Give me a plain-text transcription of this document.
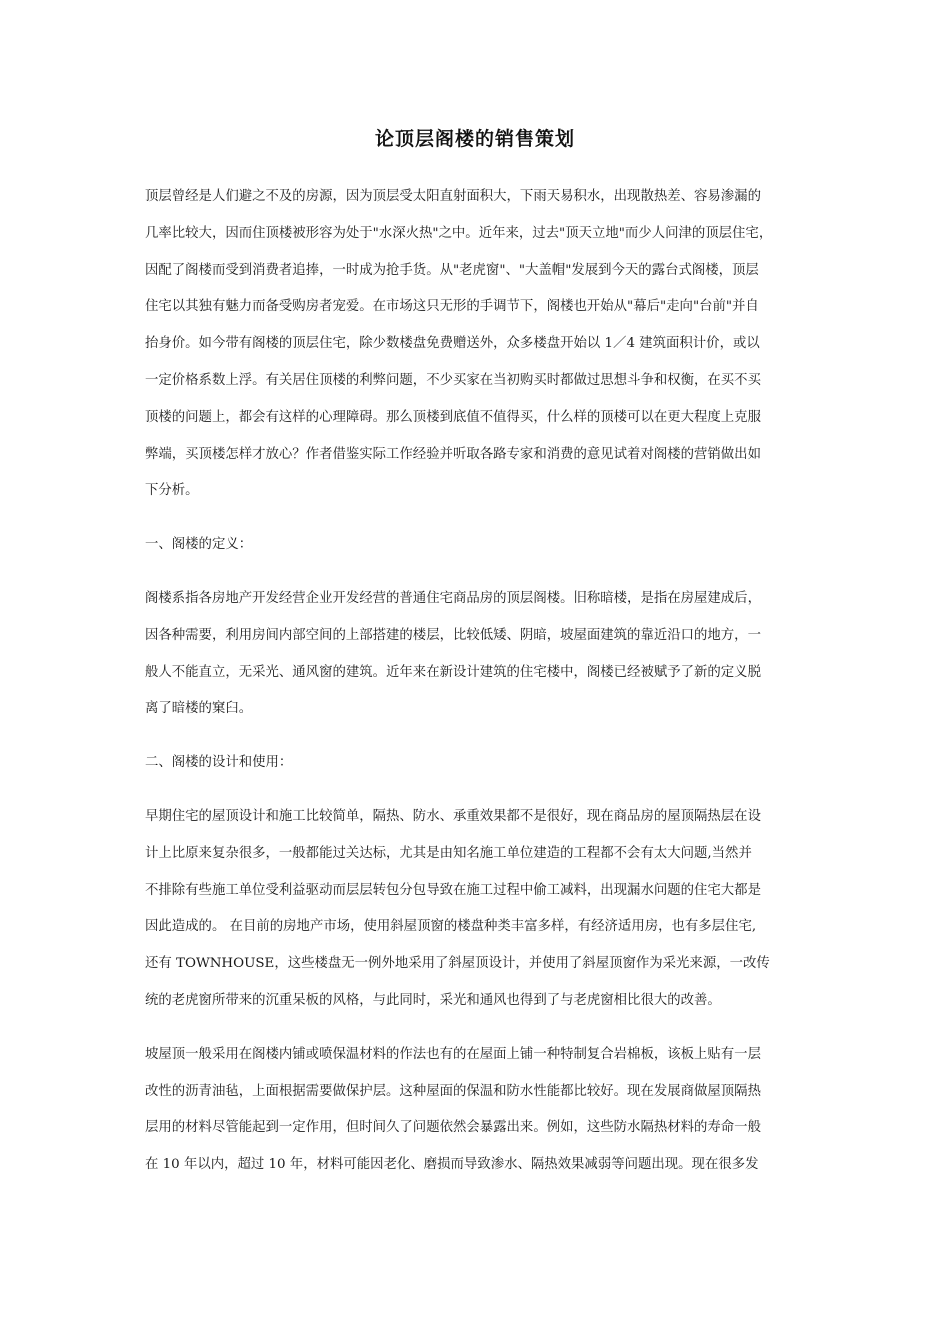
论顶层阁楼的销售策划
顶层曾经是人们避之不及的房源，因为顶层受太阳直射面积大，下雨天易积水，出现散热差、容易渗漏的
几率比较大，因而住顶楼被形容为处于"水深火热"之中。近年来，过去"顶天立地"而少人问津的顶层住宅，
因配了阁楼而受到消费者追捧，一时成为抢手货。从"老虎窗"、"大盖帽"发展到今天的露台式阁楼，顶层
住宅以其独有魅力而备受购房者宠爱。在市场这只无形的手调节下，阁楼也开始从"幕后"走向"台前"并自
抬身价。如今带有阁楼的顶层住宅，除少数楼盘免费赠送外，众多楼盘开始以 1／4 建筑面积计价，或以
一定价格系数上浮。有关居住顶楼的利弊问题，不少买家在当初购买时都做过思想斗争和权衡，在买不买
顶楼的问题上，都会有这样的心理障碍。那么顶楼到底值不值得买，什么样的顶楼可以在更大程度上克服
弊端，买顶楼怎样才放心？作者借鉴实际工作经验并听取各路专家和消费的意见试着对阁楼的营销做出如
下分析。
一、阁楼的定义：
阁楼系指各房地产开发经营企业开发经营的普通住宅商品房的顶层阁楼。旧称暗楼，是指在房屋建成后，
因各种需要，利用房间内部空间的上部搭建的楼层，比较低矮、阴暗，坡屋面建筑的靠近沿口的地方，一
般人不能直立，无采光、通风窗的建筑。近年来在新设计建筑的住宅楼中，阁楼已经被赋予了新的定义脱
离了暗楼的窠臼。
二、阁楼的设计和使用：
早期住宅的屋顶设计和施工比较简单，隔热、防水、承重效果都不是很好，现在商品房的屋顶隔热层在设
计上比原来复杂很多，一般都能过关达标，尤其是由知名施工单位建造的工程都不会有太大问题,当然并
不排除有些施工单位受利益驱动而层层转包分包导致在施工过程中偷工减料，出现漏水问题的住宅大都是
因此造成的。 在目前的房地产市场，使用斜屋顶窗的楼盘种类丰富多样，有经济适用房，也有多层住宅,
还有 TOWNHOUSE，这些楼盘无一例外地采用了斜屋顶设计，并使用了斜屋顶窗作为采光来源，一改传
统的老虎窗所带来的沉重呆板的风格，与此同时，采光和通风也得到了与老虎窗相比很大的改善。
坡屋顶一般采用在阁楼内铺或喷保温材料的作法也有的在屋面上铺一种特制复合岩棉板，该板上贴有一层
改性的沥青油毡，上面根据需要做保护层。这种屋面的保温和防水性能都比较好。现在发展商做屋顶隔热
层用的材料尽管能起到一定作用，但时间久了问题依然会暴露出来。例如，这些防水隔热材料的寿命一般
在 10 年以内，超过 10 年，材料可能因老化、磨损而导致渗水、隔热效果减弱等问题出现。现在很多发
